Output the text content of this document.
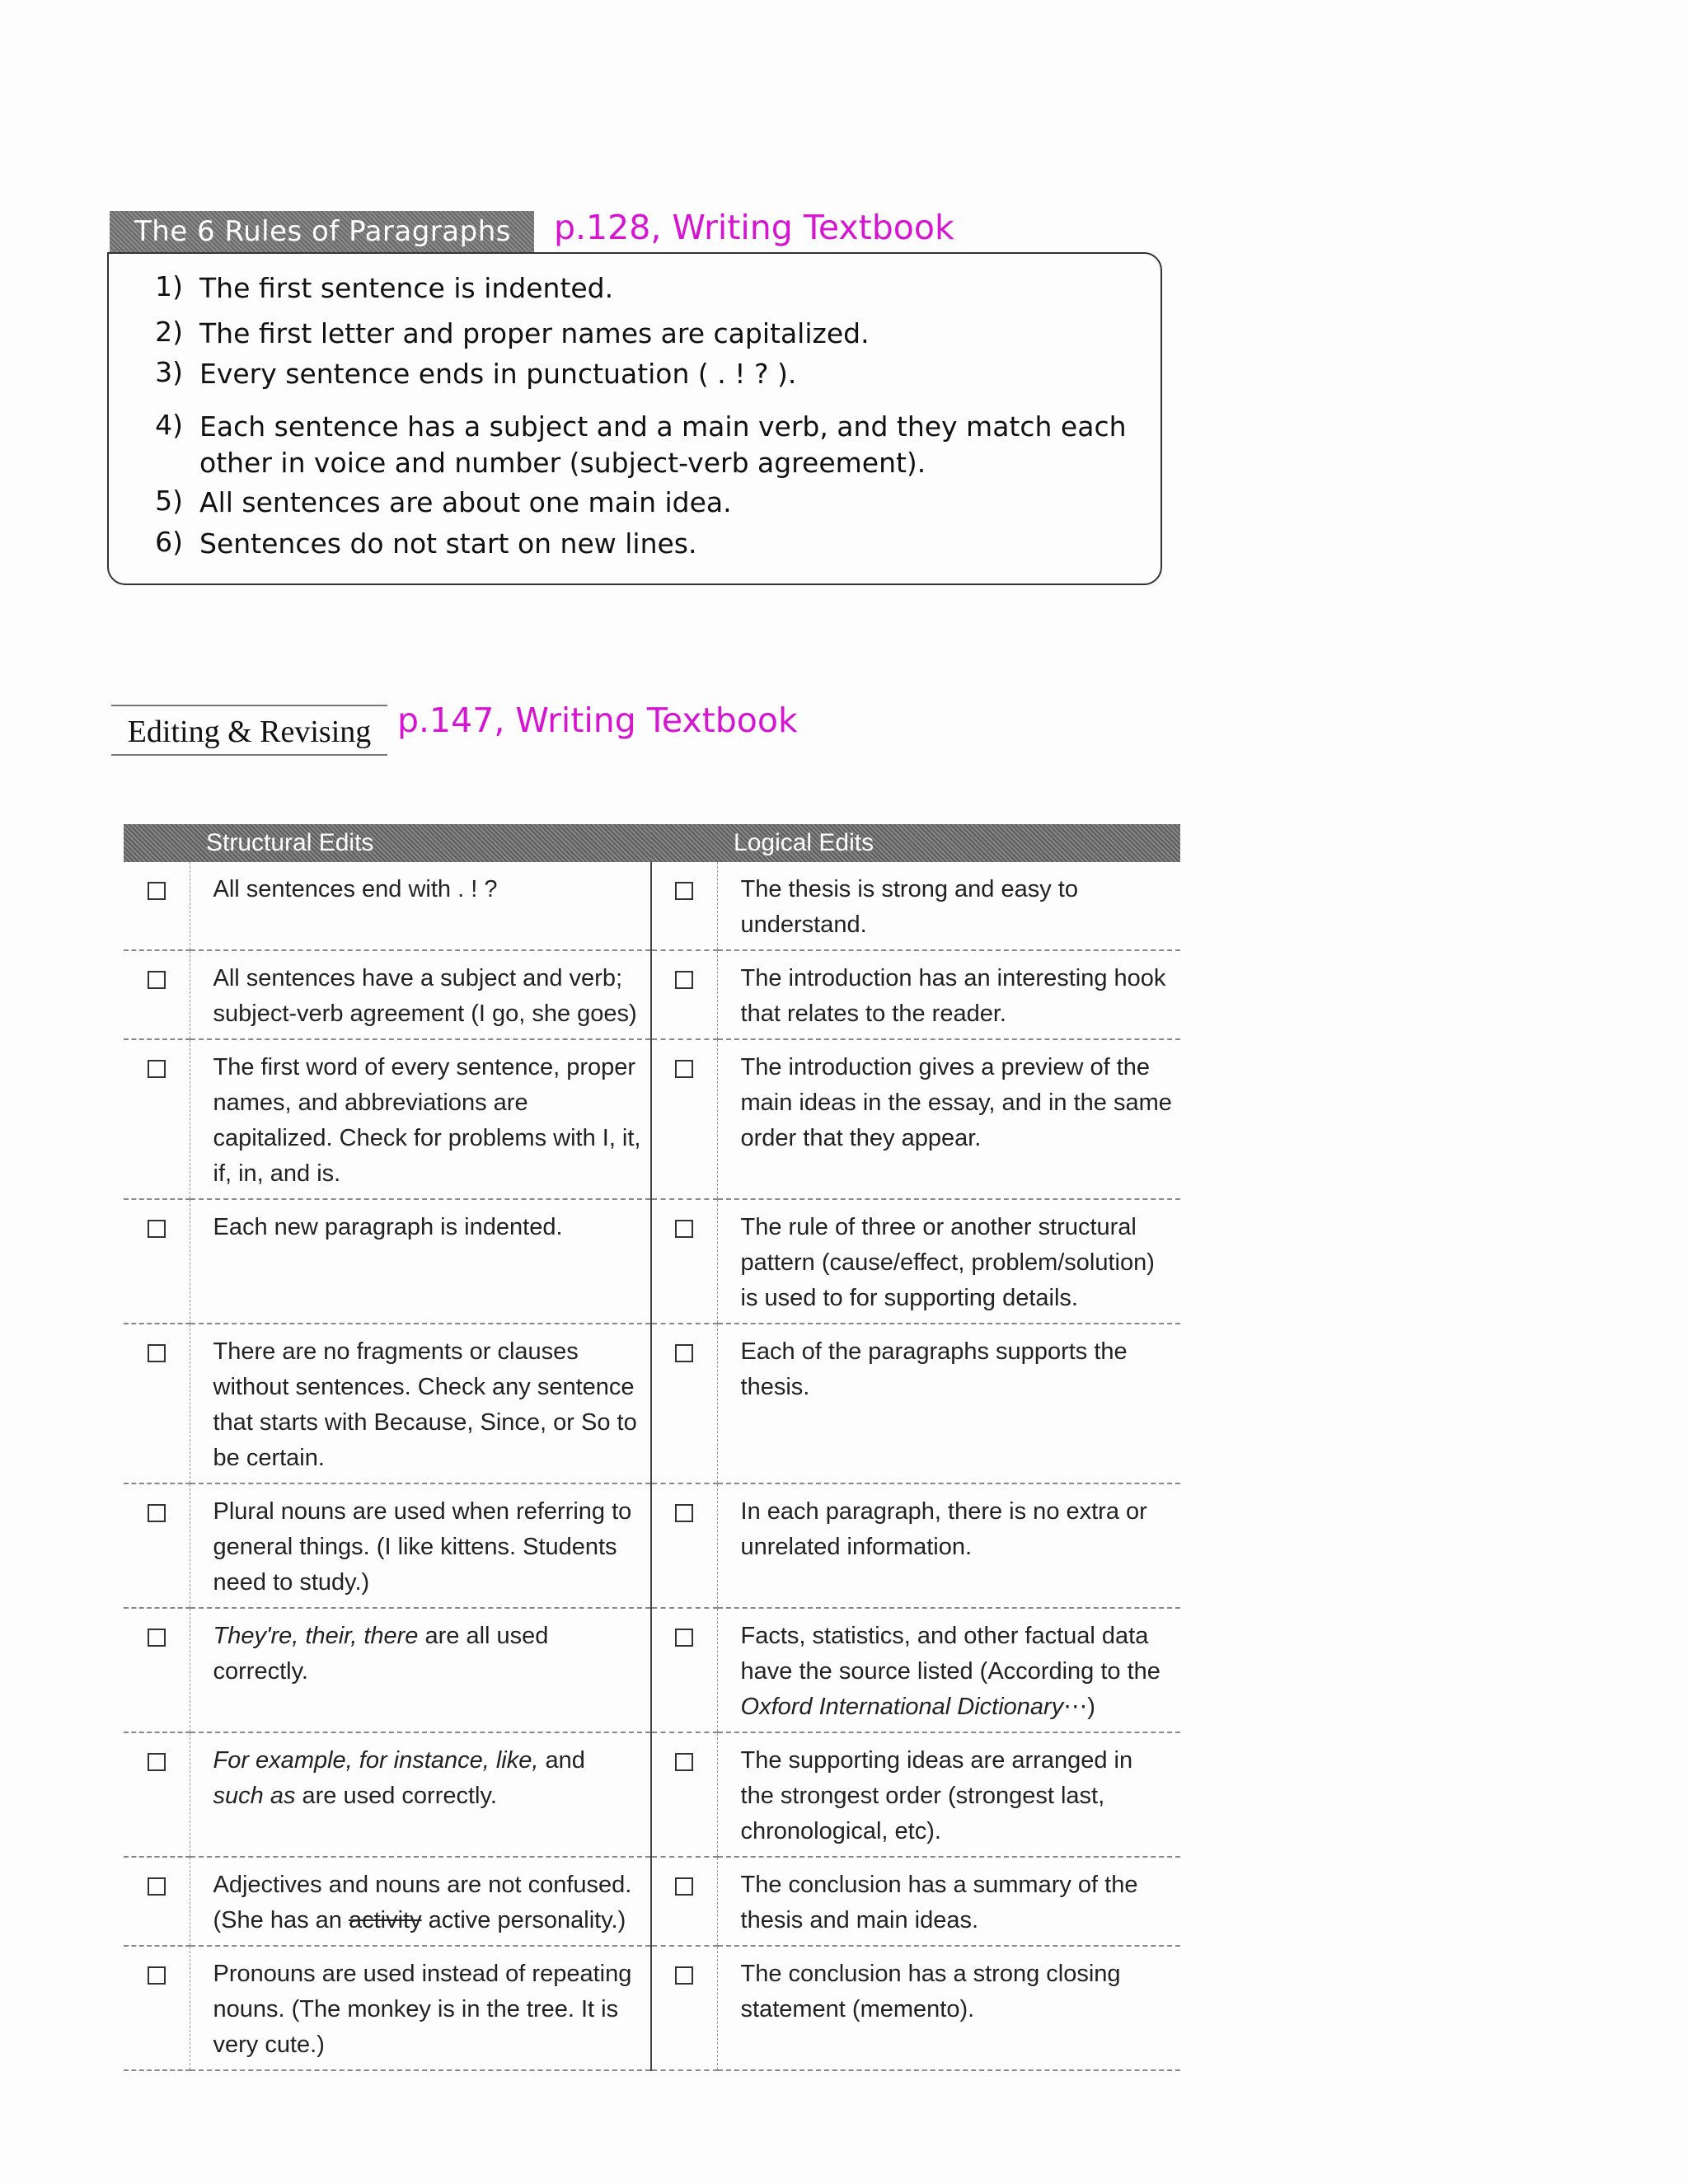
The 6 Rules of Paragraphs	p.128, Writing Textbook
1) The first sentence is indented.
2) The first letter and proper names are capitalized.
3) Every sentence ends in punctuation ( . ! ? ).
4) Each sentence has a subject and a main verb, and they match each other in voice and number (subject-verb agreement).
5) All sentences are about one main idea.
6) Sentences do not start on new lines.
Editing & Revising p.147, Writing Textbook
Structural Edits		Logical Edits	
	All sentences end with . ! ?		The thesis is strong and easy to understand.
	All sentences have a subject and verb; subject-verb agreement (I go, she goes)		The introduction has an interesting hook that relates to the reader.
	The first word of every sentence, proper names, and abbreviations are capitalized. Check for problems with I, it, if, in, and is.		The introduction gives a preview of the main ideas in the essay, and in the same order that they appear.
	Each new paragraph is indented.		The rule of three or another structural pattern (cause/effect, problem/solution) is used to for supporting details.
	There are no fragments or clauses without sentences. Check any sentence that starts with Because, Since, or So to be certain.		Each of the paragraphs supports the thesis.
	Plural nouns are used when referring to general things. (I like kittens. Students need to study.)		In each paragraph, there is no extra or unrelated information.
	They're, their, there are all used correctly.		Facts, statistics, and other factual data have the source listed (According to the Oxford International Dictionary⋯)
	For example, for instance, like, and such as are used correctly.		The supporting ideas are arranged in the strongest order (strongest last, chronological, etc).
	Adjectives and nouns are not confused. (She has an activity active personality.)		The conclusion has a summary of the thesis and main ideas.
	Pronouns are used instead of repeating nouns. (The monkey is in the tree. It is very cute.)		The conclusion has a strong closing statement (memento).
